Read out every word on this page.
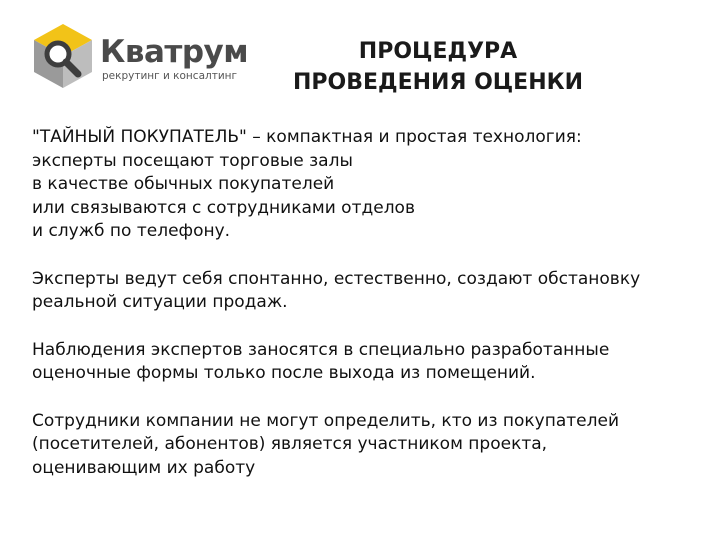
Кватрум
рекрутинг и консалтинг
ПРОЦЕДУРА
ПРОВЕДЕНИЯ ОЦЕНКИ

"ТАЙНЫЙ ПОКУПАТЕЛЬ" – компактная и простая технология:
эксперты посещают торговые залы
в качестве обычных покупателей
или связываются с сотрудниками отделов
и служб по телефону.

Эксперты ведут себя спонтанно, естественно, создают обстановку
реальной ситуации продаж.

Наблюдения экспертов заносятся в специально разработанные
оценочные формы только после выхода из помещений.

Сотрудники компании не могут определить, кто из покупателей
(посетителей, абонентов) является участником проекта,
оценивающим их работу
